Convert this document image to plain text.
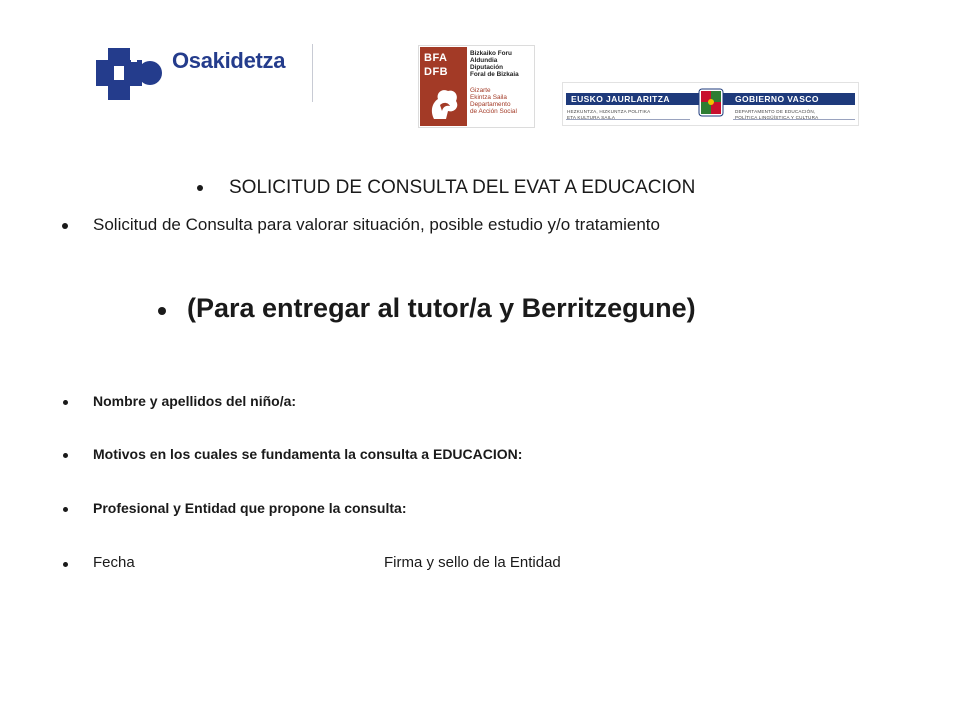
Osakidetza	BFA
DFB
Bizkaiko Foru
Aldundia
Diputación
Foral de Bizkaia
Gizarte
Ekintza Saila
Departamento
de Acción Social
EUSKO JAURLARITZA	GOBIERNO VASCO
HEZKUNTZA, HIZKUNTZA POLITIKA
ETA KULTURA SAILA
DEPARTAMENTO DE EDUCACIÓN,
POLÍTICA LINGÜÍSTICA Y CULTURA
SOLICITUD DE CONSULTA DEL EVAT A EDUCACION
Solicitud de Consulta para valorar situación, posible estudio y/o tratamiento
(Para entregar al tutor/a y Berritzegune)
Nombre y apellidos del niño/a:
Motivos en los cuales se fundamenta la consulta a EDUCACION:
Profesional y Entidad que propone la consulta:
Fecha	Firma y sello de la Entidad
